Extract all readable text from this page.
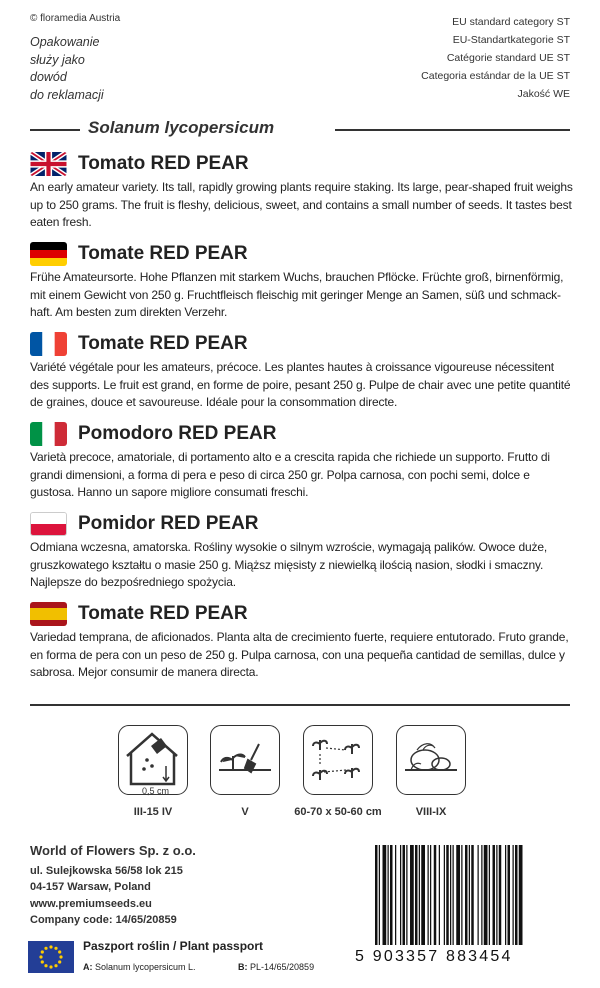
© floramedia Austria
Opakowanie
służy jako
dowód
do reklamacji
EU standard category ST
EU-Standartkategorie ST
Catégorie standard UE ST
Categoria estándar de la UE ST
Jakość WE
Solanum lycopersicum
Tomato RED PEAR
An early amateur variety. Its tall, rapidly growing plants require staking. Its large, pear-shaped fruit weighs up to 250 grams. The fruit is fleshy, delicious, sweet, and contains a small number of seeds. It tastes best eaten fresh.
Tomate RED PEAR
Frühe Amateursorte. Hohe Pflanzen mit starkem Wuchs, brauchen Pflöcke. Früchte groß, birnenförmig, mit einem Gewicht von 250 g. Fruchtfleisch fleischig mit geringer Menge an Samen, süß und schmack-haft. Am besten zum direkten Verzehr.
Tomate RED PEAR
Variété végétale pour les amateurs, précoce. Les plantes hautes à croissance vigoureuse nécessitent des supports. Le fruit est grand, en forme de poire, pesant 250 g. Pulpe de chair avec une petite quantité de graines, douce et savoureuse. Idéale pour la consommation directe.
Pomodoro RED PEAR
Varietà precoce, amatoriale, di portamento alto e a crescita rapida che richiede un supporto. Frutto di grandi dimensioni, a forma di pera e peso di circa 250 gr. Polpa carnosa, con pochi semi, dolce e gustosa. Hanno un sapore migliore consumati freschi.
Pomidor RED PEAR
Odmiana wczesna, amatorska. Rośliny wysokie o silnym wzroście, wymagają palików. Owoce duże, gruszkowatego kształtu o masie 250 g. Miąższ mięsisty z niewielką ilością nasion, słodki i smaczny. Najlepsze do bezpośredniego spożycia.
Tomate RED PEAR
Variedad temprana, de aficionados. Planta alta de crecimiento fuerte, requiere entutorado. Fruto grande, en forma de pera con un peso de 250 g. Pulpa carnosa, con una pequeña cantidad de semillas, dulce y sabrosa. Mejor consumir de manera directa.
0,5 cm
III-15 IV	V	60-70 x 50-60 cm	VIII-IX
World of Flowers Sp. z o.o.
ul. Sulejkowska 56/58 lok 215
04-157 Warsaw, Poland
www.premiumseeds.eu
Company code: 14/65/20859
Paszport roślin / Plant passport
A: Solanum lycopersicum L.	B: PL-14/65/20859
5 903357 883454
